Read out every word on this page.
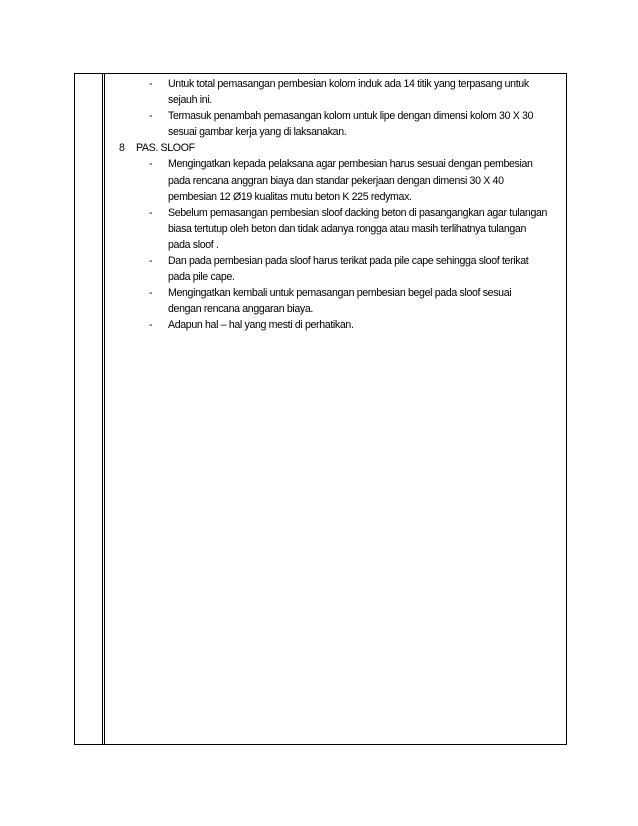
-	Untuk total pemasangan pembesian kolom induk ada 14 titik yang terpasang untuk
sejauh ini.
-	Termasuk penambah pemasangan kolom untuk lipe dengan dimensi kolom 30 X 30
sesuai gambar kerja yang di laksanakan.
8	PAS. SLOOF
-	Mengingatkan kepada pelaksana agar pembesian harus sesuai dengan pembesian
pada rencana anggran biaya dan standar pekerjaan dengan dimensi 30 X 40
pembesian 12 Ø19 kualitas mutu beton K 225 redymax.
-	Sebelum pemasangan pembesian sloof dacking beton di pasangangkan agar tulangan
biasa tertutup oleh beton dan tidak adanya rongga atau masih terlihatnya tulangan
pada sloof .
-	Dan pada pembesian pada sloof harus terikat pada pile cape sehingga sloof terikat
pada pile cape.
-	Mengingatkan kembali untuk pemasangan pembesian begel pada sloof sesuai
dengan rencana anggaran biaya.
-	Adapun hal – hal yang mesti di perhatikan.
